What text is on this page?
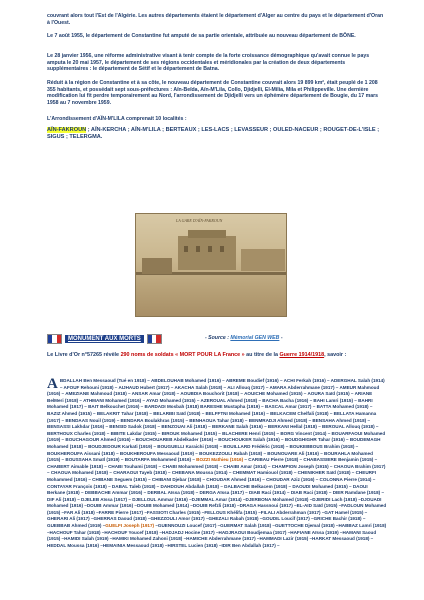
couvrant alors tout l'Est de l'Algérie. Les autres départements étaient le département d'Alger au centre du pays et le département d'Oran à l'Ouest.

Le 7 août 1955, le département de Constantine fut amputé de sa partie orientale, attribuée au nouveau département de BÔNE.

Le 28 janvier 1956, une réforme administrative visant à tenir compte de la forte croissance démographique qu'avait connue le pays amputa le 20 mai 1957, le département de ses régions occidentales et méridionales par la création de deux départements supplémentaires : le département de Sétif et le département de Batna.

Réduit à la région de Constantine et à sa côte, le nouveau département de Constantine couvrait alors 19 899 km², était peuplé de 1 208 355 habitants, et possédait sept sous-préfectures : Aïn-Beïda, Aïn-M'Lila, Collo, Djidjelli, El-Milia, Mila et Philippeville. Une dernière modification lui fit perdre temporairement au Nord, l'arrondissement de Djidjelli vers un éphémère département de Bougie, du 17 mars 1958 au 7 novembre 1959.

L'Arrondissement d'AÏN-M'LILA comprenait 10 localités :

AÏN-FAKROUN ; AÏN-KERCHA ; AÏN-M'LILA ; BERTEAUX ; LES-LACS ; LEVASSEUR ; OULED-NACEUR ; ROUGET-DE-L'ISLE ; SIGUS ; TELERGMA.

LA GARE D'AÏN-FAKROUN
MONUMENT AUX MORTS	- Source : Mémorial GEN WEB -

Le Livre d'Or n°57265 révèle 290 noms de soldats « MORT POUR LA France » au titre de la Guerre 1914/1918, savoir :

ABDALLAH Ben Messaoud (Tué en 1918) – ABDELOUHAB Mohamed (1916) – ABREME Boudief (1916) – ACHI Ferkah (1916) – ADERGHAL Salah (1914) – AFOUF Rehouni (1918) – AIJHAUD Hubert (1917) – AKACHA Salah (1918) – ALI Allouq (1917) – AMARA Abderrahmane (1917) – AMEUR Mahmoud (1916) – AMEZIANE Mahmoud (1918) – ANSAR Amar (1918) – AOUBDIA Bouchorit (1918) – AOUICHE Mohamed (1915) – AOURA Saïd (1915) – ARIANE BelMeri (1918) – ATHMANI Mohamed (1916) – AYAD Mohamed (1915) – AZEROUAL Ahmed (1918) – BACHA Bacha (1916) – BAHI Lamri (1915) – BAHRI Mohamed (1917) – BAIT Belkouchet (1916) – BARDADI Mosbah (1918) BARESHE Mustapha (1919) – BASCAL Amar (1917) – BATTA Mohamed (1918) – BAZIZ Ahmed (1915) – BELAKRIT Tahar (1918) – BELARIBI Saïd (1918) – BELFFTNI Mohamed (1916) – BELKACEM Chelfali (1918) – BELLATA Hamanna (1917) – BENDAAS Nouil (1919) – BENDARA Boulakhras (1915) – BENHAOUA Tahar (1918) – BENMRADJI Ahmed (1918) – BENSAHA Ahmed (1918) – BENSASSI Lakhdar (1916) – BENSID Sadok (1918) – BENZOUAI Ali (1918) – BERKANE Salah (1916) – BERKANI Hellal (1918) – BEROUAL Allouq (1918) – BERTHOUX Charles (1918) – BIBITE Lakdar (1915) – BIROUK Mohamed (1915) – BLACHERE Henri (1915) – BORG Vincent (1914) – BOUARFAOUI Mohamed (1919) – BOUCHAGOUR Ahmed (1916) – BOUCHOUAREB Abdelkader (1916) – BOUCHOUKER Salah (1916) – BOUDGHIGHR Tahar (1916) – BOUDEMAGH Mohamed (1918) – BOUDJEDOUR Karkati (1919) – BOUGUELLI Karaichi (1918) – BOUILLARD Frédéric (1918) – BOUKEBBOUS Brahim (1918) – BOUKHEROUFA Aissani (1918) – BOUKHEROUFA Messaoud (1919) – BOUKEZZOULI Rabah (1918) – BOUNOUARE Ali (1916) – BOURAHLA Mohamed (1915) – BOUSSAHA Smaïl (1919) – BOUTARFA Mohammed (1916) – BOZZI Mathieu (1916) – CARIBAU Pierre (1918) – CHABASSIERE Benjamin (1915) – CHABERT Aimable (1918) – CHABI Touhami (1918) – CHABI Mohammed (1918) – CHAIBI Amar (1914) – CHAMPION Joseph (1915) – CHAOUA Brahim (1917) – CHAOUA Mohamed (1918) – CHARAOUI Tayeb (1918) – CHEBANA Moussa (1914) – CHEMMAT Hamiouol (1918) – CHENIKHER Saïd (1918) – CHEURFI Mohammed (1916) – CHIBANE Seguem (1915) – CHIBANI Djebar (1918) – CHOUDAR Ahmed (1916) – CHOUDAR Aziz (1916) – COLONNA Pierre (1914) – CONTAYAR François (1918) – DABAL Taleb (1918) – DAHDOUH Abdallah (1918) – DALBACHE Belkacem (1918) – DAOUDI Mohamed (1915) – DAOUI Berkane (1918) – DEBBACHE Ammar (1916) – DERBAL Aïssa (1918) – DERGA Aïssa (1917) – DIAB Raci (1914) – DIAB Raci (1918) – DIER Ramdane (1918) – DIF Ali (1918) – DJELEB Aïssa (1917) – DJELLOUL Ammar (1916) –DJEMMAL Amar (1914) –DJERBONA Mohamed (1918) –DJERIDI Lach (1918) –DJOUADI Mohamed (1916) –DOUIB Ammar (1916) –DOUIB Mohamed (1914) –DOUIB Refzli (1918) –DRAGA Hassnoui (1917) –EL-AID Saïd (1915) –FADLOUN Mohamed (1915) –FAR Ali (1918) –FARRE Pierre (1917) –FASSIOTI Charles (1915) –FELLOUS Khélifa (1915) –FILALI Abderrahman (1917) –GAT Hamel (1915) –GHERARI Ali (1917) –GHERRAS Daoud (1918) –GHEZZOULI Amor (1917) –GHEZALI Rabah (1918) –GOUDIL Loucif (1917) –GRICHE Bachir (1918) –GUEBBAB Ahmed (1919) –GUELFI Joseph (1917) –GUENNOUZI Loucef (1917) –GUERMAT Salah (1918) –GUETTOCHE Djemal (1918) –HABBAZ Lamri (1918) –HACHOUF Tahar (1918) –HACHOUF Youcef (1918) –HADJADJ Hocine (1917) –HADJRAOUI Boudjemaa (1917) –HAFIANE Aïssa (1919) –HAMANI Saoud (1915) –HAMIDI Salah (1919) –HAMIKI Mohamed Zahoni (1918) –HAMICHE Abderrahmane (1917) –HAMMADI Lazir (1915) –HARKAT Messaoud (1918) –HEDDAL Moussa (1916) –HEMAINIA Messaoud (1918) –HIRSTEL Lucien (1918) –IDIR Ben Abdallah (1917) –
